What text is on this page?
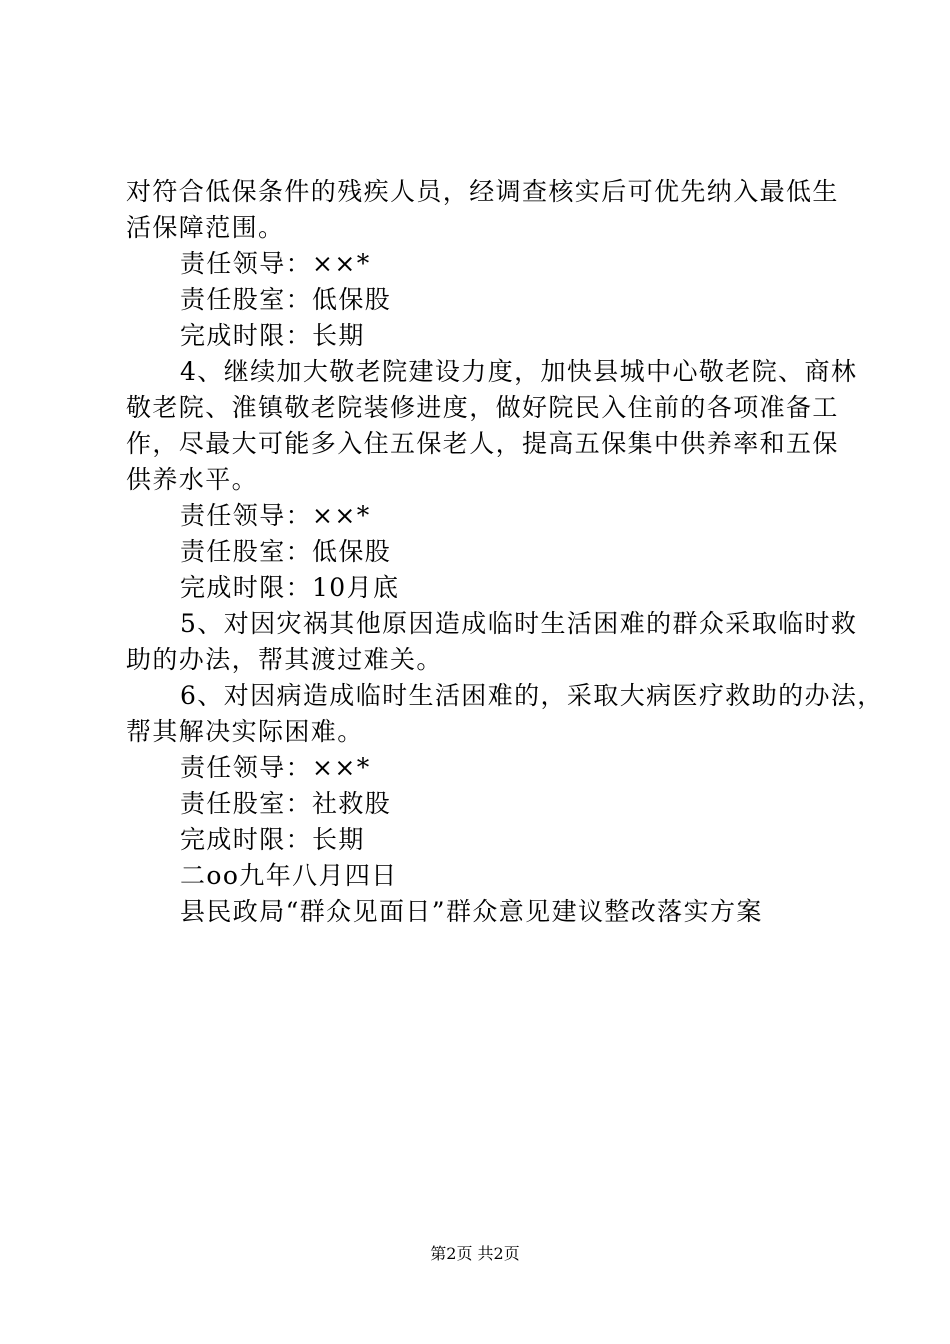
对符合低保条件的残疾人员，经调查核实后可优先纳入最低生
活保障范围。
责任领导：××*
责任股室：低保股
完成时限：长期
4、继续加大敬老院建设力度，加快县城中心敬老院、商林
敬老院、淮镇敬老院装修进度，做好院民入住前的各项准备工
作，尽最大可能多入住五保老人，提高五保集中供养率和五保
供养水平。
责任领导：××*
责任股室：低保股
完成时限：10月底
5、对因灾祸其他原因造成临时生活困难的群众采取临时救
助的办法，帮其渡过难关。
6、对因病造成临时生活困难的，采取大病医疗救助的办法，
帮其解决实际困难。
责任领导：××*
责任股室：社救股
完成时限：长期
二oo九年八月四日
县民政局“群众见面日”群众意见建议整改落实方案
第2页 共2页
